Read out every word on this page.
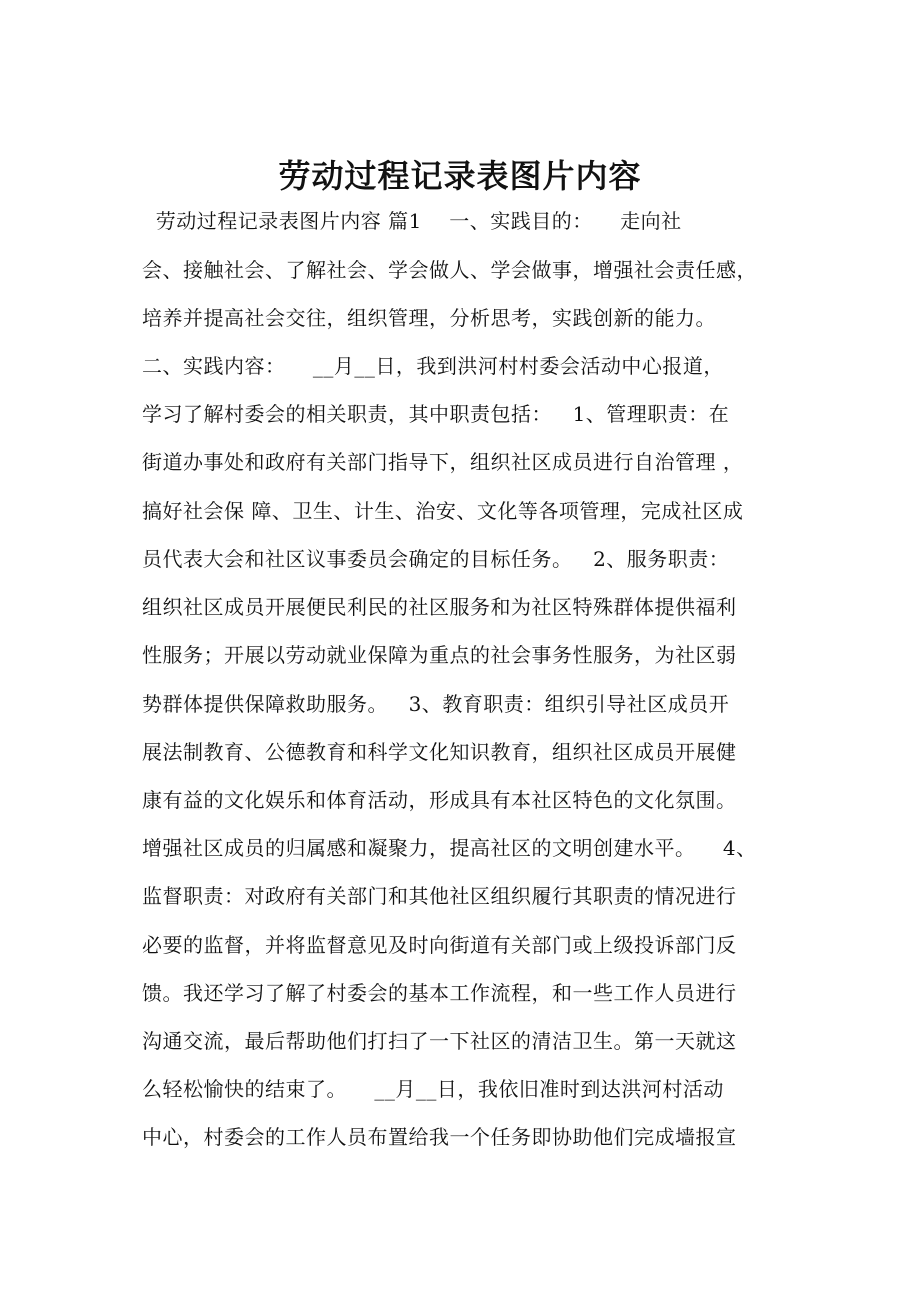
劳动过程记录表图片内容
劳动过程记录表图片内容 篇1    一、实践目的：    走向社
会、接触社会、了解社会、学会做人、学会做事，增强社会责任感，
培养并提高社会交往，组织管理，分析思考，实践创新的能力。
二、实践内容：    __月__日，我到洪河村村委会活动中心报道，
学习了解村委会的相关职责，其中职责包括：   1、管理职责：在
街道办事处和政府有关部门指导下，组织社区成员进行自治管理 ，
搞好社会保 障、卫生、计生、治安、文化等各项管理，完成社区成
员代表大会和社区议事委员会确定的目标任务。   2、服务职责：
组织社区成员开展便民利民的社区服务和为社区特殊群体提供福利
性服务；开展以劳动就业保障为重点的社会事务性服务，为社区弱
势群体提供保障救助服务。   3、教育职责：组织引导社区成员开
展法制教育、公德教育和科学文化知识教育，组织社区成员开展健
康有益的文化娱乐和体育活动，形成具有本社区特色的文化氛围。
增强社区成员的归属感和凝聚力，提高社区的文明创建水平。    4、
监督职责：对政府有关部门和其他社区组织履行其职责的情况进行
必要的监督，并将监督意见及时向街道有关部门或上级投诉部门反
馈。我还学习了解了村委会的基本工作流程，和一些工作人员进行
沟通交流，最后帮助他们打扫了一下社区的清洁卫生。第一天就这
么轻松愉快的结束了。    __月__日，我依旧准时到达洪河村活动
中心，村委会的工作人员布置给我一个任务即协助他们完成墙报宣
